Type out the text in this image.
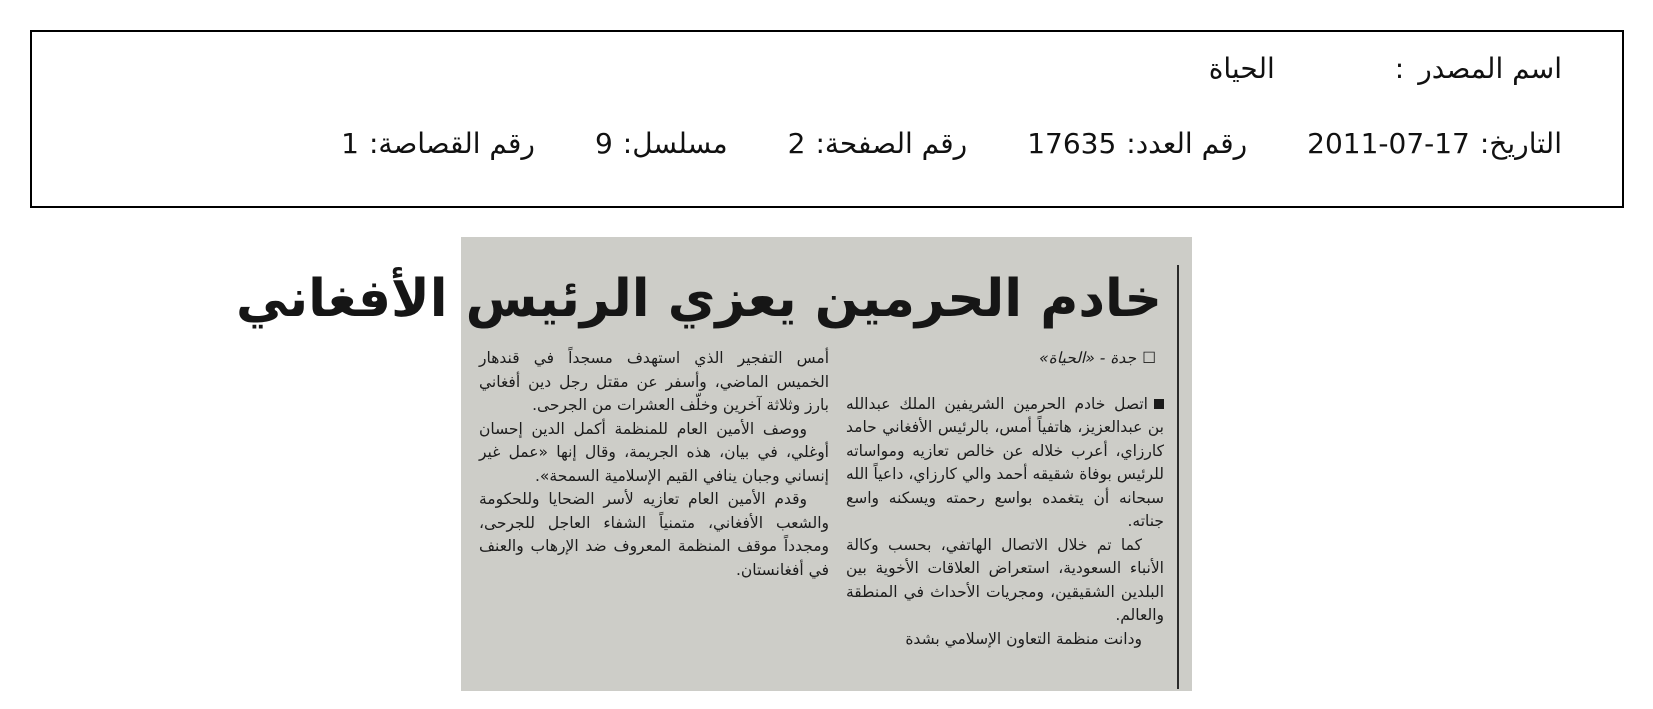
اسم المصدر
:
الحياة
التاريخ:
2011-07-17
رقم العدد:
17635
رقم الصفحة:
2
مسلسل:
9
رقم القصاصة:
1
خادم الحرمين يعزي الرئيس الأفغاني
☐جدة - «الحياة»

اتصل خادم الحرمين الشريفين الملك عبدالله بن عبدالعزيز، هاتفياً أمس، بالرئيس الأفغاني حامد كارزاي، أعرب خلاله عن خالص تعازيه ومواساته للرئيس بوفاة شقيقه أحمد والي كارزاي، داعياً الله سبحانه أن يتغمده بواسع رحمته ويسكنه واسع جناته.

كما تم خلال الاتصال الهاتفي، بحسب وكالة الأنباء السعودية، استعراض العلاقات الأخوية بين البلدين الشقيقين، ومجريات الأحداث في المنطقة والعالم.

ودانت منظمة التعاون الإسلامي بشدة

أمس التفجير الذي استهدف مسجداً في قندهار الخميس الماضي، وأسفر عن مقتل رجل دين أفغاني بارز وثلاثة آخرين وخلّف العشرات من الجرحى.

ووصف الأمين العام للمنظمة أكمل الدين إحسان أوغلي، في بيان، هذه الجريمة، وقال إنها «عمل غير إنساني وجبان ينافي القيم الإسلامية السمحة».

وقدم الأمين العام تعازيه لأسر الضحايا وللحكومة والشعب الأفغاني، متمنياً الشفاء العاجل للجرحى، ومجدداً موقف المنظمة المعروف ضد الإرهاب والعنف في أفغانستان.
